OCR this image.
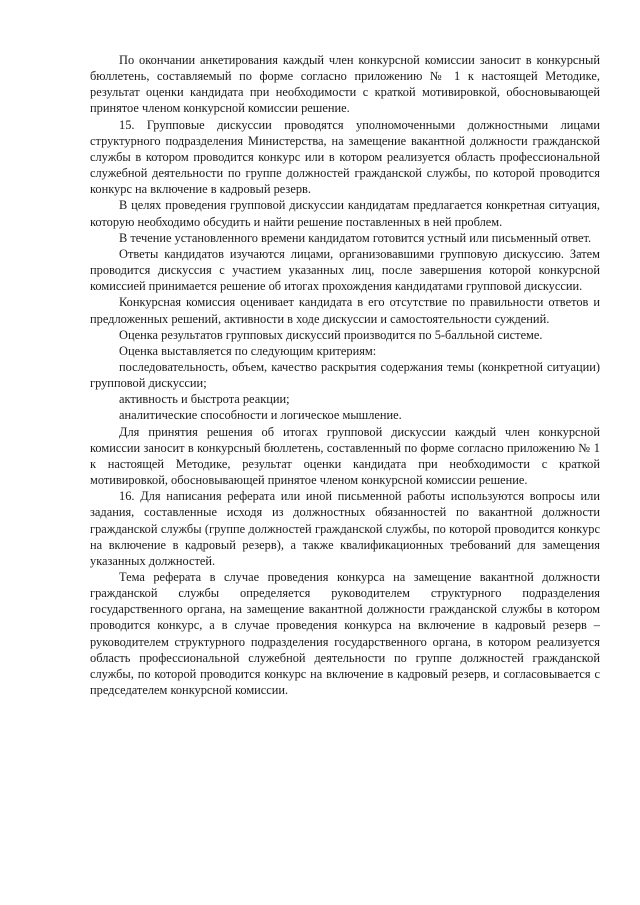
По окончании анкетирования каждый член конкурсной комиссии заносит в конкурсный бюллетень, составляемый по форме согласно приложению № 1 к настоящей Методике, результат оценки кандидата при необходимости с краткой мотивировкой, обосновывающей принятое членом конкурсной комиссии решение.

15. Групповые дискуссии проводятся уполномоченными должностными лицами структурного подразделения Министерства, на замещение вакантной должности гражданской службы в котором проводится конкурс или в котором реализуется область профессиональной служебной деятельности по группе должностей гражданской службы, по которой проводится конкурс на включение в кадровый резерв.

В целях проведения групповой дискуссии кандидатам предлагается конкретная ситуация, которую необходимо обсудить и найти решение поставленных в ней проблем.

В течение установленного времени кандидатом готовится устный или письменный ответ.

Ответы кандидатов изучаются лицами, организовавшими групповую дискуссию. Затем проводится дискуссия с участием указанных лиц, после завершения которой конкурсной комиссией принимается решение об итогах прохождения кандидатами групповой дискуссии.

Конкурсная комиссия оценивает кандидата в его отсутствие по правильности ответов и предложенных решений, активности в ходе дискуссии и самостоятельности суждений.

Оценка результатов групповых дискуссий производится по 5-балльной системе.

Оценка выставляется по следующим критериям:

последовательность, объем, качество раскрытия содержания темы (конкретной ситуации) групповой дискуссии;

активность и быстрота реакции;

аналитические способности и логическое мышление.

Для принятия решения об итогах групповой дискуссии каждый член конкурсной комиссии заносит в конкурсный бюллетень, составленный по форме согласно приложению № 1 к настоящей Методике, результат оценки кандидата при необходимости с краткой мотивировкой, обосновывающей принятое членом конкурсной комиссии решение.

16. Для написания реферата или иной письменной работы используются вопросы или задания, составленные исходя из должностных обязанностей по вакантной должности гражданской службы (группе должностей гражданской службы, по которой проводится конкурс на включение в кадровый резерв), а также квалификационных требований для замещения указанных должностей.

Тема реферата в случае проведения конкурса на замещение вакантной должности гражданской службы определяется руководителем структурного подразделения государственного органа, на замещение вакантной должности гражданской службы в котором проводится конкурс, а в случае проведения конкурса на включение в кадровый резерв – руководителем структурного подразделения государственного органа, в котором реализуется область профессиональной служебной деятельности по группе должностей гражданской службы, по которой проводится конкурс на включение в кадровый резерв, и согласовывается с председателем конкурсной комиссии.
